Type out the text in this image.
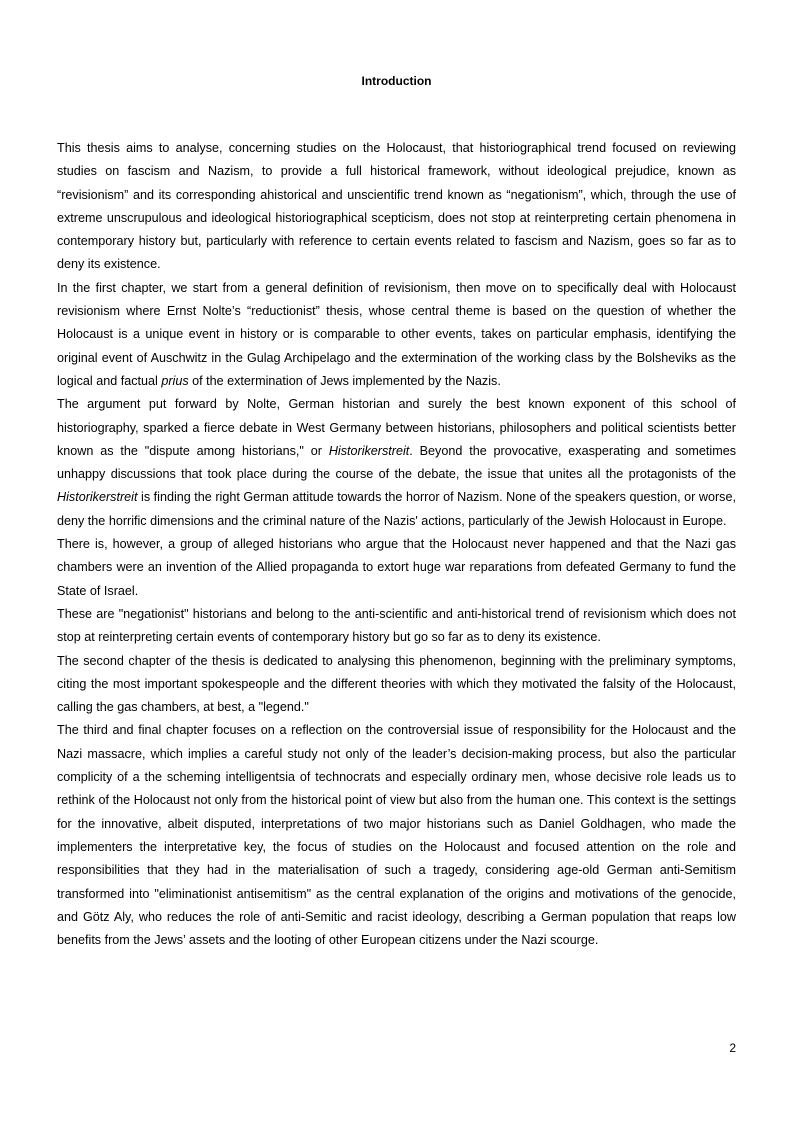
Introduction

This thesis aims to analyse, concerning studies on the Holocaust, that historiographical trend focused on reviewing studies on fascism and Nazism, to provide a full historical framework, without ideological prejudice, known as “revisionism” and its corresponding ahistorical and unscientific trend known as “negationism”, which, through the use of extreme unscrupulous and ideological historiographical scepticism, does not stop at reinterpreting certain phenomena in contemporary history but, particularly with reference to certain events related to fascism and Nazism, goes so far as to deny its existence.

In the first chapter, we start from a general definition of revisionism, then move on to specifically deal with Holocaust revisionism where Ernst Nolte’s “reductionist” thesis, whose central theme is based on the question of whether the Holocaust is a unique event in history or is comparable to other events, takes on particular emphasis, identifying the original event of Auschwitz in the Gulag Archipelago and the extermination of the working class by the Bolsheviks as the logical and factual prius of the extermination of Jews implemented by the Nazis.

The argument put forward by Nolte, German historian and surely the best known exponent of this school of historiography, sparked a fierce debate in West Germany between historians, philosophers and political scientists better known as the "dispute among historians," or Historikerstreit. Beyond the provocative, exasperating and sometimes unhappy discussions that took place during the course of the debate, the issue that unites all the protagonists of the Historikerstreit is finding the right German attitude towards the horror of Nazism. None of the speakers question, or worse, deny the horrific dimensions and the criminal nature of the Nazis' actions, particularly of the Jewish Holocaust in Europe.

There is, however, a group of alleged historians who argue that the Holocaust never happened and that the Nazi gas chambers were an invention of the Allied propaganda to extort huge war reparations from defeated Germany to fund the State of Israel.

These are "negationist" historians and belong to the anti-scientific and anti-historical trend of revisionism which does not stop at reinterpreting certain events of contemporary history but go so far as to deny its existence.

The second chapter of the thesis is dedicated to analysing this phenomenon, beginning with the preliminary symptoms, citing the most important spokespeople and the different theories with which they motivated the falsity of the Holocaust, calling the gas chambers, at best, a "legend."

The third and final chapter focuses on a reflection on the controversial issue of responsibility for the Holocaust and the Nazi massacre, which implies a careful study not only of the leader’s decision-making process, but also the particular complicity of a the scheming intelligentsia of technocrats and especially ordinary men, whose decisive role leads us to rethink of the Holocaust not only from the historical point of view but also from the human one. This context is the settings for the innovative, albeit disputed, interpretations of two major historians such as Daniel Goldhagen, who made the implementers the interpretative key, the focus of studies on the Holocaust and focused attention on the role and responsibilities that they had in the materialisation of such a tragedy, considering age-old German anti-Semitism transformed into "eliminationist antisemitism" as the central explanation of the origins and motivations of the genocide, and Götz Aly, who reduces the role of anti-Semitic and racist ideology, describing a German population that reaps low benefits from the Jews’ assets and the looting of other European citizens under the Nazi scourge.

2
